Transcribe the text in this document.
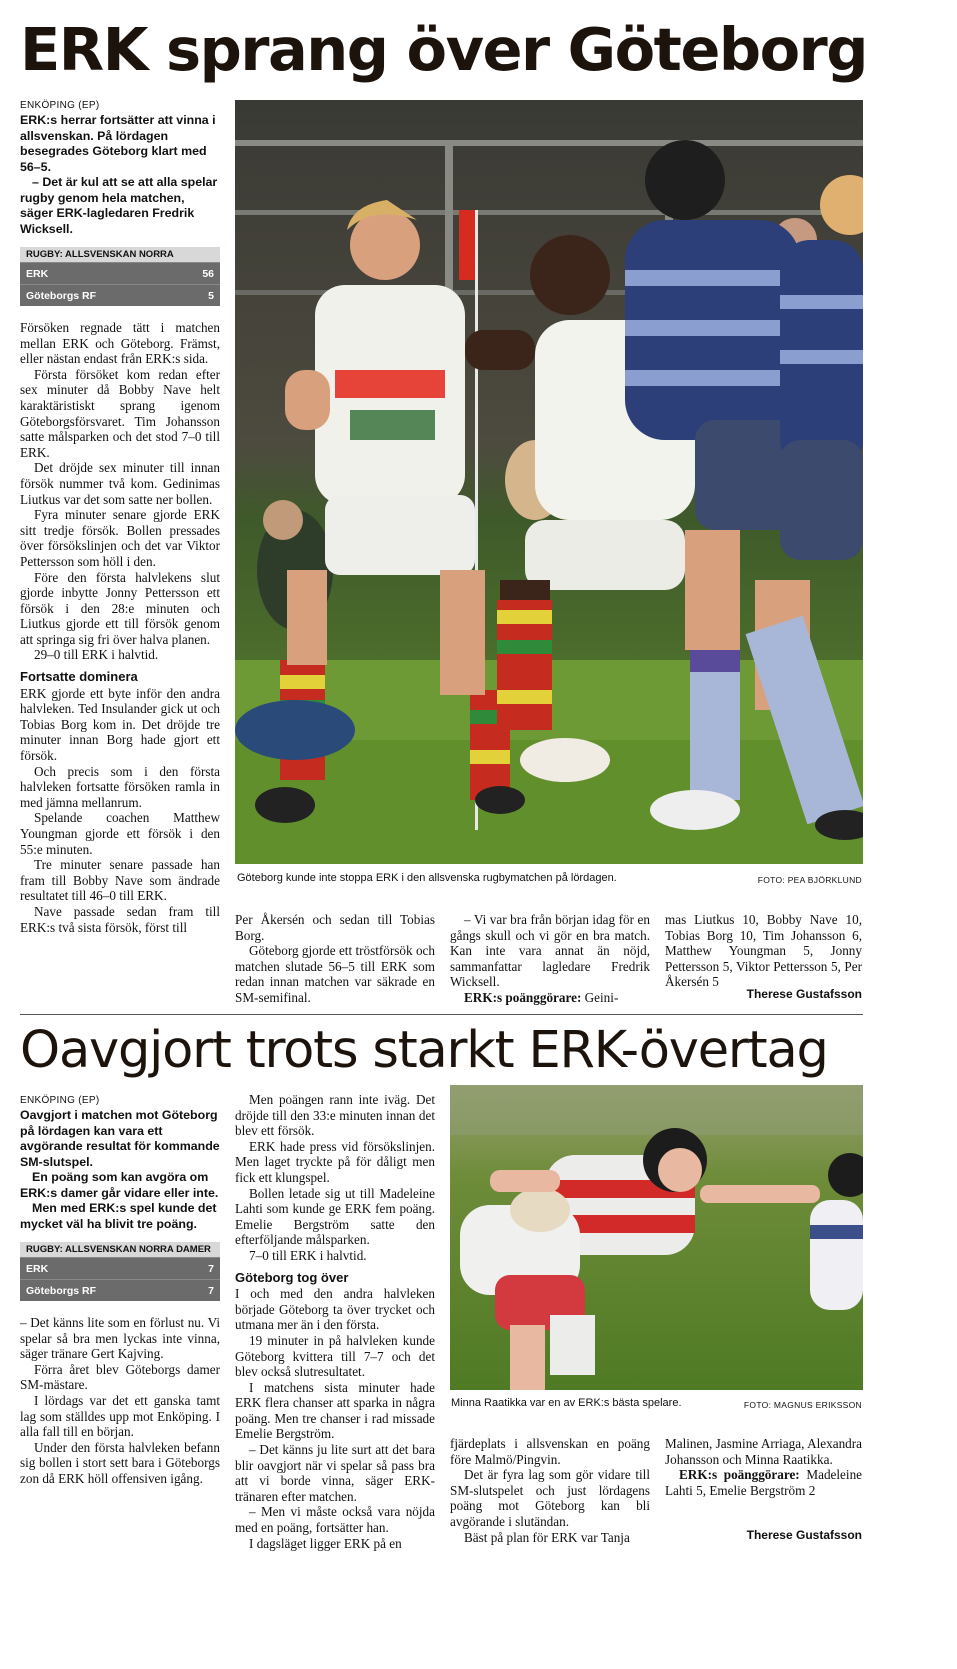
ERK sprang över Göteborg
ENKÖPING (EP)

ERK:s herrar fortsätter att vinna i allsvenskan. På lördagen besegrades Göteborg klart med 56–5.

– Det är kul att se att alla spelar rugby genom hela matchen, säger ERK-lagledaren Fredrik Wicksell.

RUGBY: ALLSVENSKAN NORRA
ERK	56
Göteborgs RF	5

Försöken regnade tätt i matchen mellan ERK och Göteborg. Främst, eller nästan endast från ERK:s sida.

Första försöket kom redan efter sex minuter då Bobby Nave helt karaktäristiskt sprang igenom Göteborgsförsvaret. Tim Johansson satte målsparken och det stod 7–0 till ERK.

Det dröjde sex minuter till innan försök nummer två kom. Gedinimas Liutkus var det som satte ner bollen.

Fyra minuter senare gjorde ERK sitt tredje försök. Bollen pressades över försökslinjen och det var Viktor Pettersson som höll i den.

Före den första halvlekens slut gjorde inbytte Jonny Pettersson ett försök i den 28:e minuten och Liutkus gjorde ett till försök genom att springa sig fri över halva planen.

29–0 till ERK i halvtid.

Fortsatte dominera

ERK gjorde ett byte inför den andra halvleken. Ted Insulander gick ut och Tobias Borg kom in. Det dröjde tre minuter innan Borg hade gjort ett försök.

Och precis som i den första halvleken fortsatte försöken ramla in med jämna mellanrum.

Spelande coachen Matthew Youngman gjorde ett försök i den 55:e minuten.

Tre minuter senare passade han fram till Bobby Nave som ändrade resultatet till 46–0 till ERK.

Nave passade sedan fram till ERK:s två sista försök, först till

Göteborg kunde inte stoppa ERK i den allsvenska rugbymatchen på lördagen.	FOTO: PEA BJÖRKLUND

Per Åkersén och sedan till Tobias Borg.

Göteborg gjorde ett tröstförsök och matchen slutade 56–5 till ERK som redan innan matchen var säkrade en SM-semifinal.

– Vi var bra från början idag för en gångs skull och vi gör en bra match. Kan inte vara annat än nöjd, sammanfattar lagledare Fredrik Wicksell.

ERK:s poänggörare: Geini-

mas Liutkus 10, Bobby Nave 10, Tobias Borg 10, Tim Johansson 6, Matthew Youngman 5, Jonny Pettersson 5, Viktor Pettersson 5, Per Åkersén 5

Therese Gustafsson
Oavgjort trots starkt ERK-övertag
ENKÖPING (EP)

Oavgjort i matchen mot Göteborg på lördagen kan vara ett avgörande resultat för kommande SM-slutspel.

En poäng som kan avgöra om ERK:s damer går vidare eller inte.

Men med ERK:s spel kunde det mycket väl ha blivit tre poäng.

RUGBY: ALLSVENSKAN NORRA DAMER
ERK	7
Göteborgs RF	7

– Det känns lite som en förlust nu. Vi spelar så bra men lyckas inte vinna, säger tränare Gert Kajving.

Förra året blev Göteborgs damer SM-mästare.

I lördags var det ett ganska tamt lag som ställdes upp mot Enköping. I alla fall till en början.

Under den första halvleken befann sig bollen i stort sett bara i Göteborgs zon då ERK höll offensiven igång.

Men poängen rann inte iväg. Det dröjde till den 33:e minuten innan det blev ett försök.

ERK hade press vid försökslinjen. Men laget tryckte på för dåligt men fick ett klungspel.

Bollen letade sig ut till Madeleine Lahti som kunde ge ERK fem poäng. Emelie Bergström satte den efterföljande målsparken.

7–0 till ERK i halvtid.

Göteborg tog över

I och med den andra halvleken började Göteborg ta över trycket och utmana mer än i den första.

19 minuter in på halvleken kunde Göteborg kvittera till 7–7 och det blev också slutresultatet.

I matchens sista minuter hade ERK flera chanser att sparka in några poäng. Men tre chanser i rad missade Emelie Bergström.

– Det känns ju lite surt att det bara blir oavgjort när vi spelar så pass bra att vi borde vinna, säger ERK-tränaren efter matchen.

– Men vi måste också vara nöjda med en poäng, fortsätter han.

I dagsläget ligger ERK på en

Minna Raatikka var en av ERK:s bästa spelare.	FOTO: MAGNUS ERIKSSON

fjärdeplats i allsvenskan en poäng före Malmö/Pingvin.

Det är fyra lag som gör vidare till SM-slutspelet och just lördagens poäng mot Göteborg kan bli avgörande i slutändan.

Bäst på plan för ERK var Tanja

Malinen, Jasmine Arriaga, Alexandra Johansson och Minna Raatikka.

ERK:s poänggörare: Madeleine Lahti 5, Emelie Bergström 2

Therese Gustafsson
